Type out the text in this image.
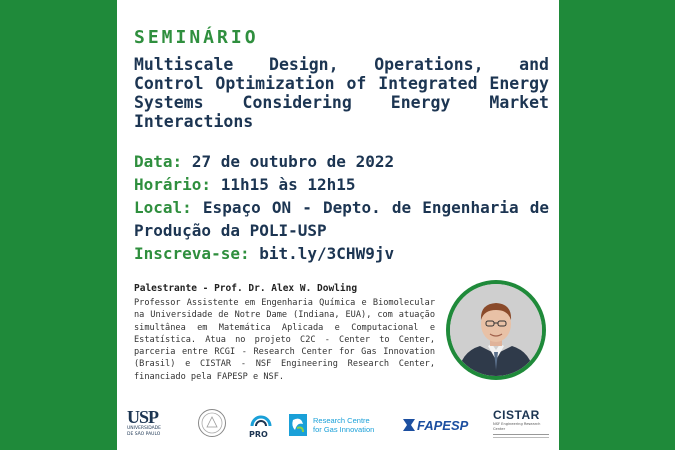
SEMINÁRIO
Multiscale Design, Operations, and Control Optimization of Integrated Energy Systems Considering Energy Market Interactions
Data: 27 de outubro de 2022
Horário: 11h15 às 12h15
Local: Espaço ON - Depto. de Engenharia de Produção da POLI-USP
Inscreva-se: bit.ly/3CHW9jv
Palestrante - Prof. Dr. Alex W. Dowling
Professor Assistente em Engenharia Química e Biomolecular na Universidade de Notre Dame (Indiana, EUA), com atuação simultânea em Matemática Aplicada e Computacional e Estatística. Atua no projeto C2C - Center to Center, parceria entre RCGI - Research Center for Gas Innovation (Brasil) e CISTAR - NSF Engineering Research Center, financiado pela FAPESP e NSF.
USP
UNIVERSIDADE
DE SÃO PAULO	PRO
Research Centre
for Gas Innovation	FAPESP
CISTAR
NSF Engineering Research Center
